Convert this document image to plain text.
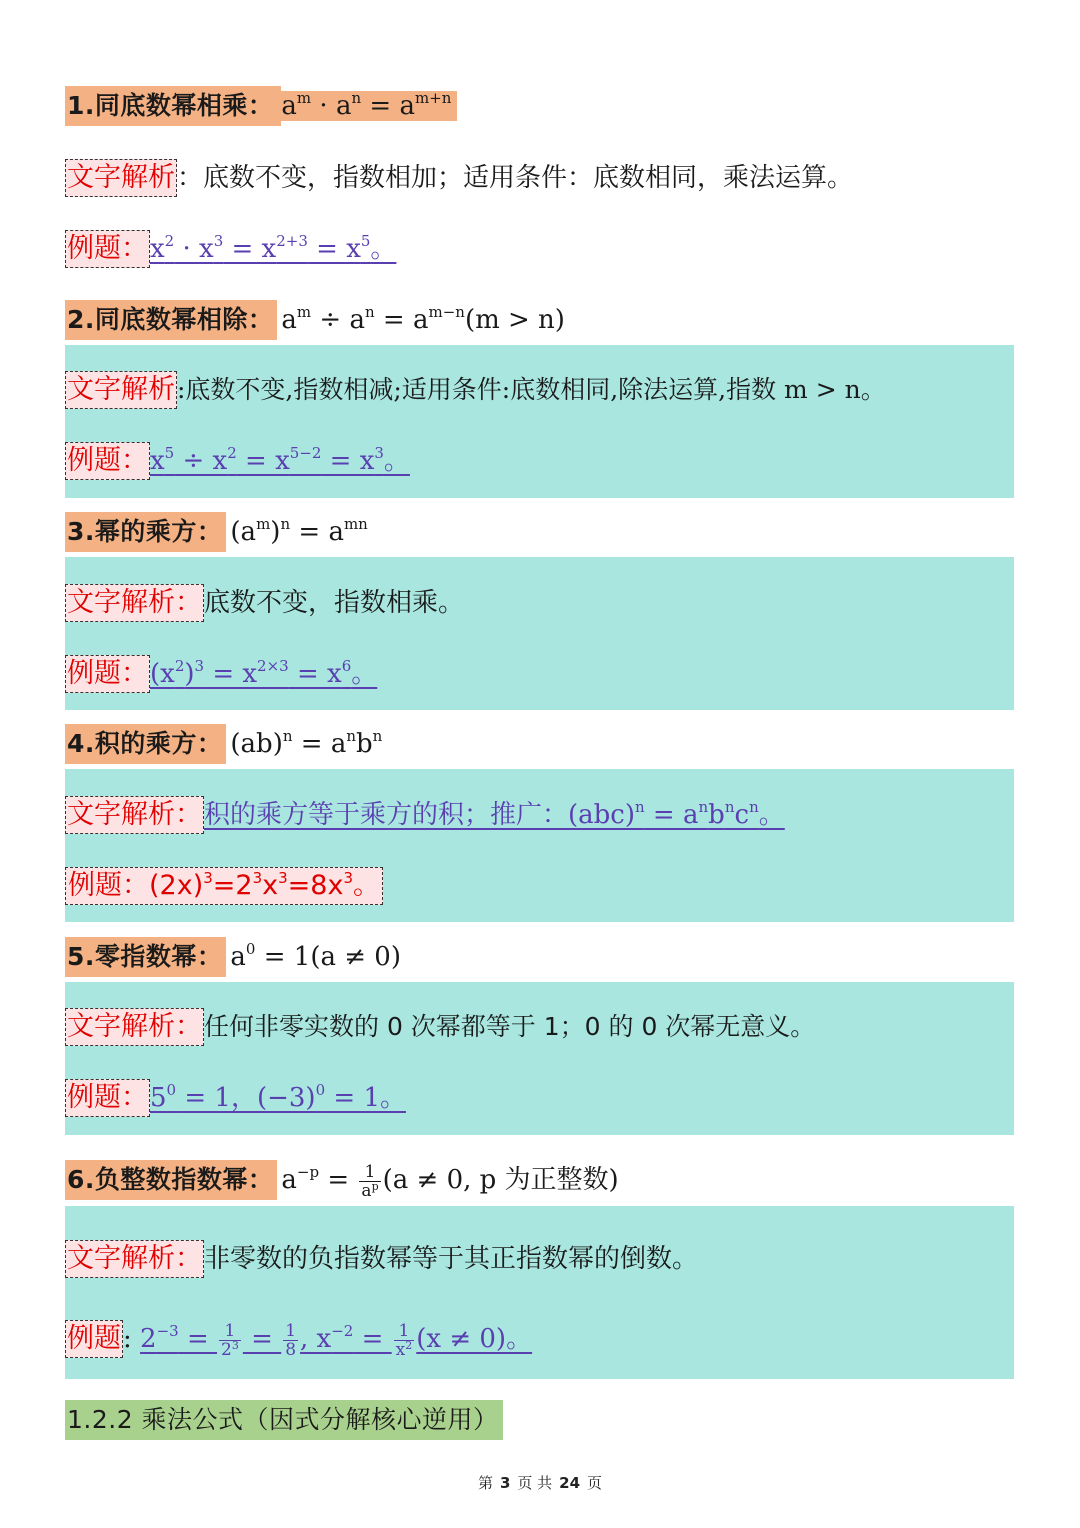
1.同底数幂相乘： $a^m \cdot a^n = a^{m+n}$
文字解析：底数不变，指数相加；适用条件：底数相同，乘法运算。
例题：$x^2 \cdot x^3 = x^{2+3} = x^5$。
2.同底数幂相除： $a^m \div a^n = a^{m-n}(m > n)$
文字解析:底数不变,指数相减;适用条件:底数相同,除法运算,指数 m > n。
例题：$x^5 \div x^2 = x^{5-2} = x^3$。
3.幂的乘方： $(a^m)^n = a^{mn}$
文字解析：底数不变，指数相乘。
例题：$(x^2)^3 = x^{2\times 3} = x^6$。
4.积的乘方： $(ab)^n = a^nb^n$
文字解析：积的乘方等于乘方的积；推广：$(abc)^n = a^nb^nc^n$。
例题：$(2x)^3=2^3x^3=8x^3$。
5.零指数幂： $a^0 = 1(a \ne 0)$
文字解析：任何非零实数的 0 次幂都等于 1；0 的 0 次幂无意义。
例题：$5^0 = 1$，$(-3)^0 = 1$。
6.负整数指数幂： $a^{-p} = \frac{1}{a^p} (a \ne 0$, p 为正整数)
文字解析：非零数的负指数幂等于其正指数幂的倒数。
例题: $2^{-3} = \frac{1}{2^3} = \frac{1}{8}$ , $x^{-2} = \frac{1}{x^2} (x \ne 0)$。
1.2.2 乘法公式（因式分解核心逆用）
第 3 页 共 24 页
